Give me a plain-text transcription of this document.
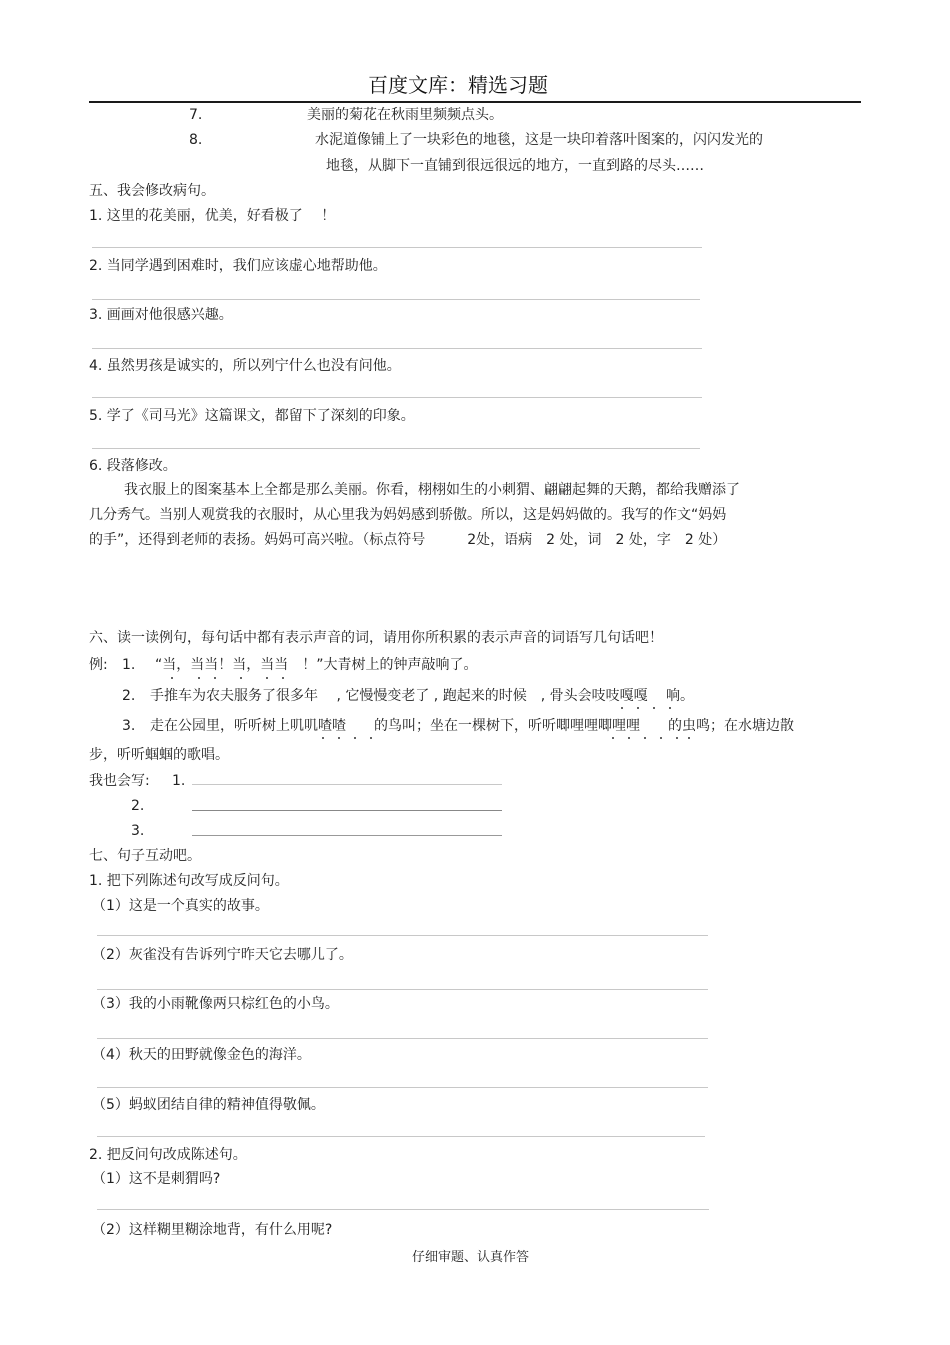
百度文库：精选习题
7.	美丽的菊花在秋雨里频频点头。
8.	水泥道像铺上了一块彩色的地毯，这是一块印着落叶图案的，闪闪发光的
地毯，从脚下一直铺到很远很远的地方，一直到路的尽头……
五、我会修改病句。
1. 这里的花美丽，优美，好看极了　 ！
2. 当同学遇到困难时，我们应该虚心地帮助他。
3. 画画对他很感兴趣。
4. 虽然男孩是诚实的，所以列宁什么也没有问他。
5. 学了《司马光》这篇课文，都留下了深刻的印象。
6. 段落修改。
我衣服上的图案基本上全都是那么美丽。你看，栩栩如生的小刺猬、翩翩起舞的天鹅，都给我赠添了
几分秀气。当别人观赏我的衣服时，从心里我为妈妈感到骄傲。所以，这是妈妈做的。我写的作文“妈妈
的手”，还得到老师的表扬。妈妈可高兴啦。（标点符号　　　2处，语病　2 处，词　2 处，字　2 处）
六、读一读例句，每句话中都有表示声音的词，请用你所积累的表示声音的词语写几句话吧！
例: 1. “当，当当！当，当当　！”大青树上的钟声敲响了。
2. 手推车为农夫服务了很多年　 , 它慢慢变老了 , 跑起来的时候　, 骨头会吱吱嘎嘎　 响。
3. 走在公园里，听听树上叽叽喳喳　　的鸟叫；坐在一棵树下，听听唧哩哩唧哩哩　　的虫鸣；在水塘边散
步，听听蝈蝈的歌唱。
我也会写: 1.
2.
3.
七、句子互动吧。
1. 把下列陈述句改写成反问句。
（1）这是一个真实的故事。
（2）灰雀没有告诉列宁昨天它去哪儿了。
（3）我的小雨靴像两只棕红色的小鸟。
（4）秋天的田野就像金色的海洋。
（5）蚂蚁团结自律的精神值得敬佩。
2. 把反问句改成陈述句。
（1）这不是刺猬吗?
（2）这样糊里糊涂地背，有什么用呢?
仔细审题、认真作答
